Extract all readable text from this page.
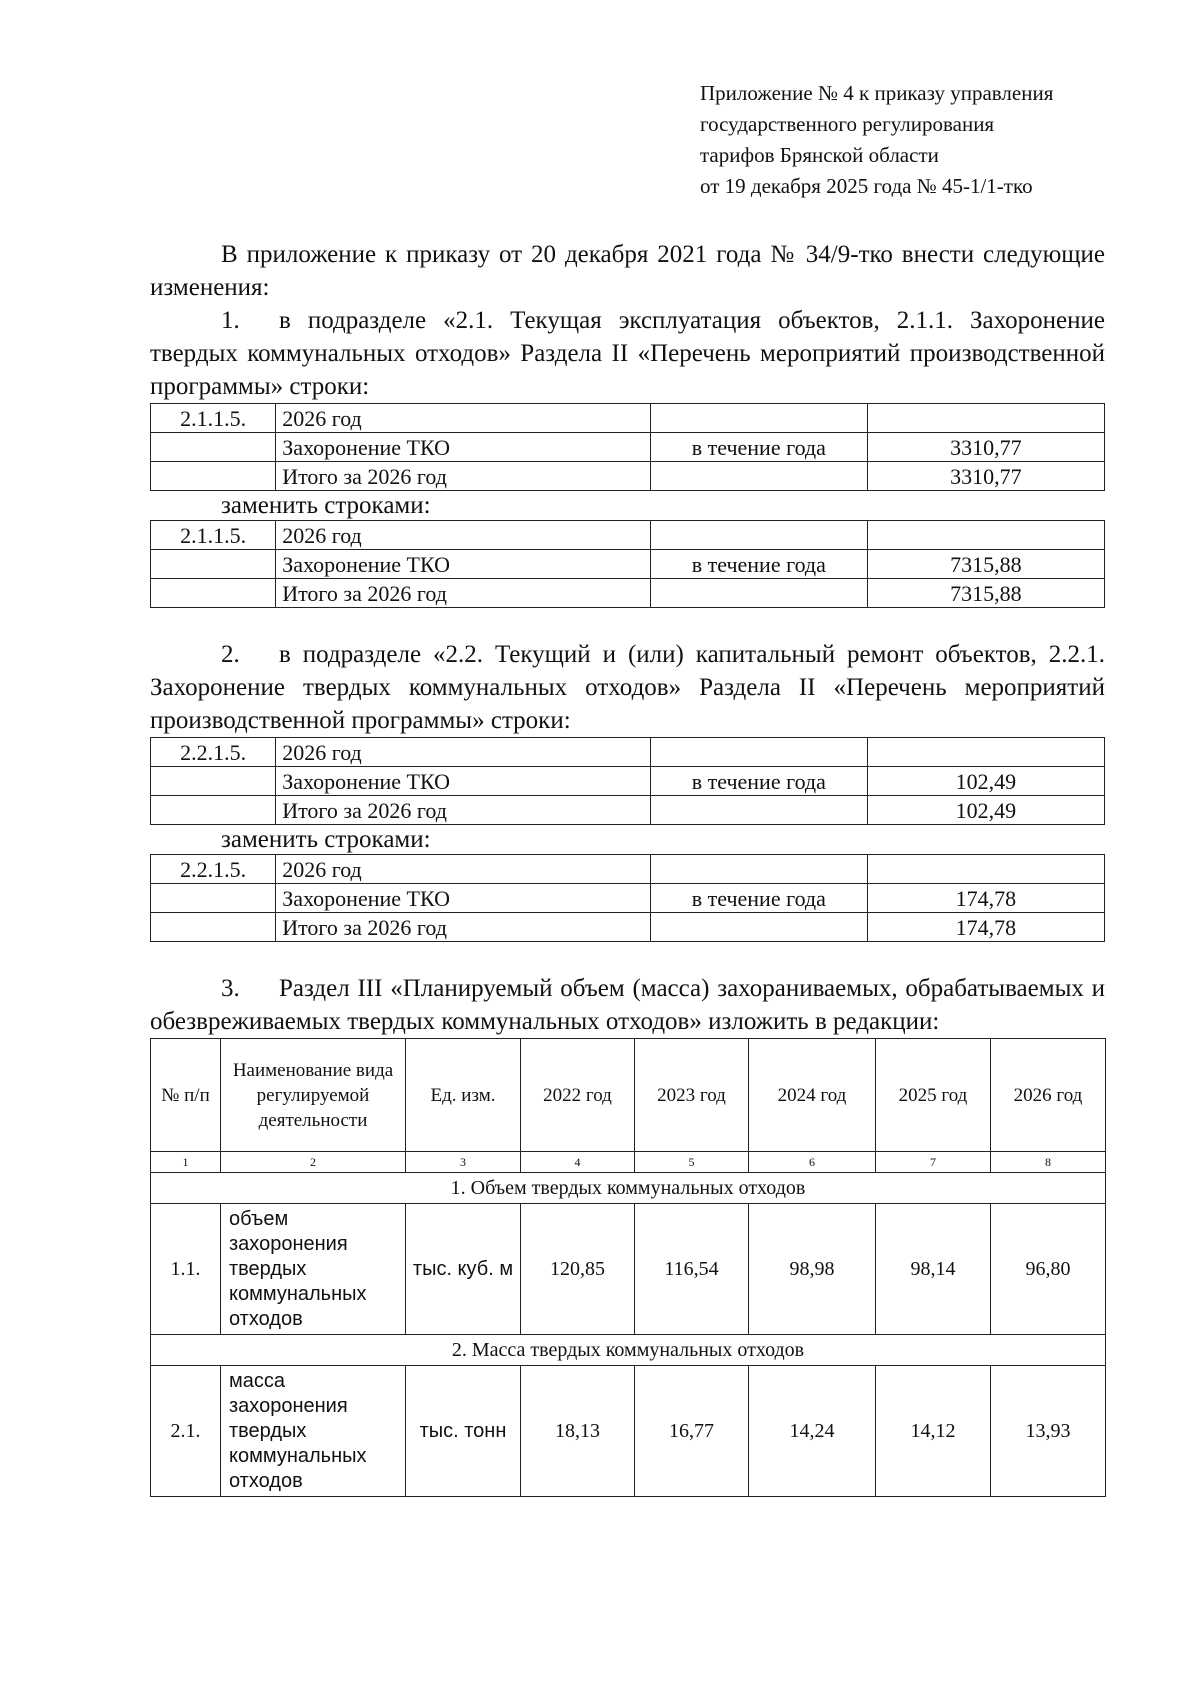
Приложение № 4 к приказу управления
государственного регулирования
тарифов Брянской области
от 19 декабря 2025 года № 45-1/1-тко

В приложение к приказу от 20 декабря 2021 года № 34/9-тко внести следующие изменения:

1. в подразделе «2.1. Текущая эксплуатация объектов, 2.1.1. Захоронение твердых коммунальных отходов» Раздела II «Перечень мероприятий производственной программы» строки:

2.1.1.5.	2026 год		
	Захоронение ТКО	в течение года	3310,77
	Итого за 2026 год		3310,77
заменить строками:
2.1.1.5.	2026 год		
	Захоронение ТКО	в течение года	7315,88
	Итого за 2026 год		7315,88

2. в подразделе «2.2. Текущий и (или) капитальный ремонт объектов, 2.2.1. Захоронение твердых коммунальных отходов» Раздела II «Перечень мероприятий производственной программы» строки:

2.2.1.5.	2026 год		
	Захоронение ТКО	в течение года	102,49
	Итого за 2026 год		102,49
заменить строками:
2.2.1.5.	2026 год		
	Захоронение ТКО	в течение года	174,78
	Итого за 2026 год		174,78

3. Раздел III «Планируемый объем (масса) захораниваемых, обрабатываемых и обезвреживаемых твердых коммунальных отходов» изложить в редакции:

№ п/п	Наименование вида регулируемой деятельности	Ед. изм.	2022 год	2023 год	2024 год	2025 год	2026 год
1	2	3	4	5	6	7	8
1. Объем твердых коммунальных отходов							
1.1.	объем захоронения твердых коммунальных отходов	тыс. куб. м	120,85	116,54	98,98	98,14	96,80
2. Масса твердых коммунальных отходов							
2.1.	масса захоронения твердых коммунальных отходов	тыс. тонн	18,13	16,77	14,24	14,12	13,93
